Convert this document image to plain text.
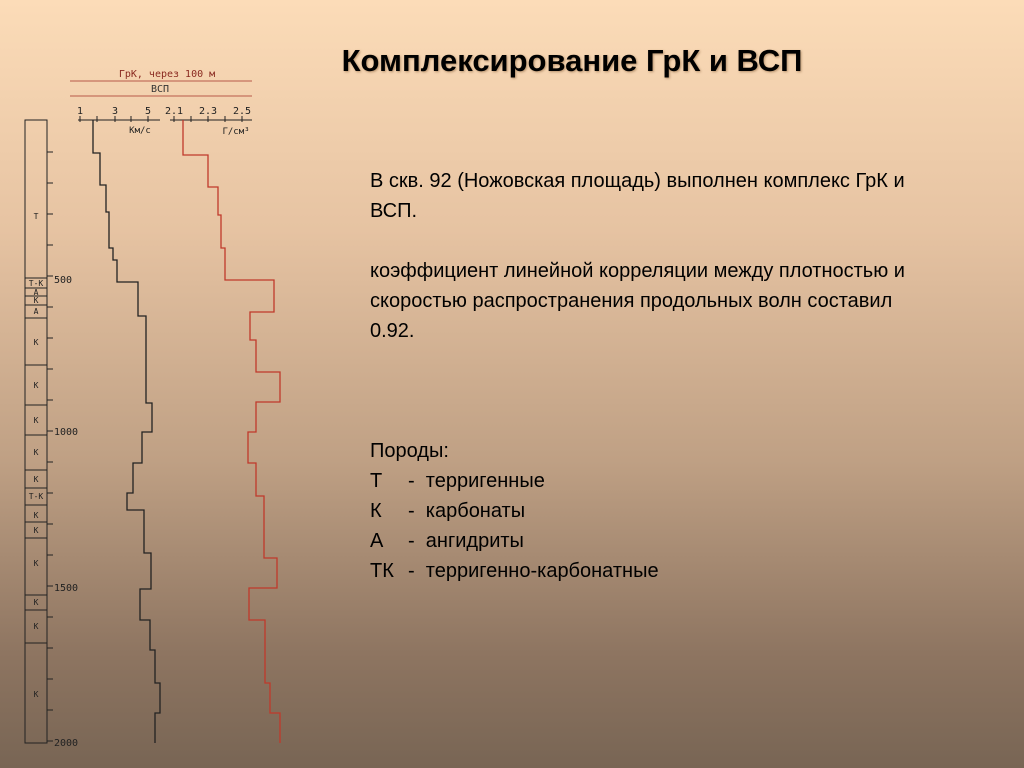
Комплексирование ГрК и ВСП

В скв. 92 (Ножовская площадь) выполнен комплекс ГрК и ВСП.

коэффициент линейной корреляции между плотностью и скоростью распространения продольных волн составил 0.92.

Породы:

Т - терригенные
К - карбонаты
А - ангидриты
ТК - терригенно-карбонатные
ГрК, через 100 м
ВСП
1	3	5
Км/с
2.1 2.3 2.5
Г/см³
Т
Т-К
А
К
А
К
К
К
К
К
Т-К
К
К
К
К
К
К
500
1000
1500
2000
